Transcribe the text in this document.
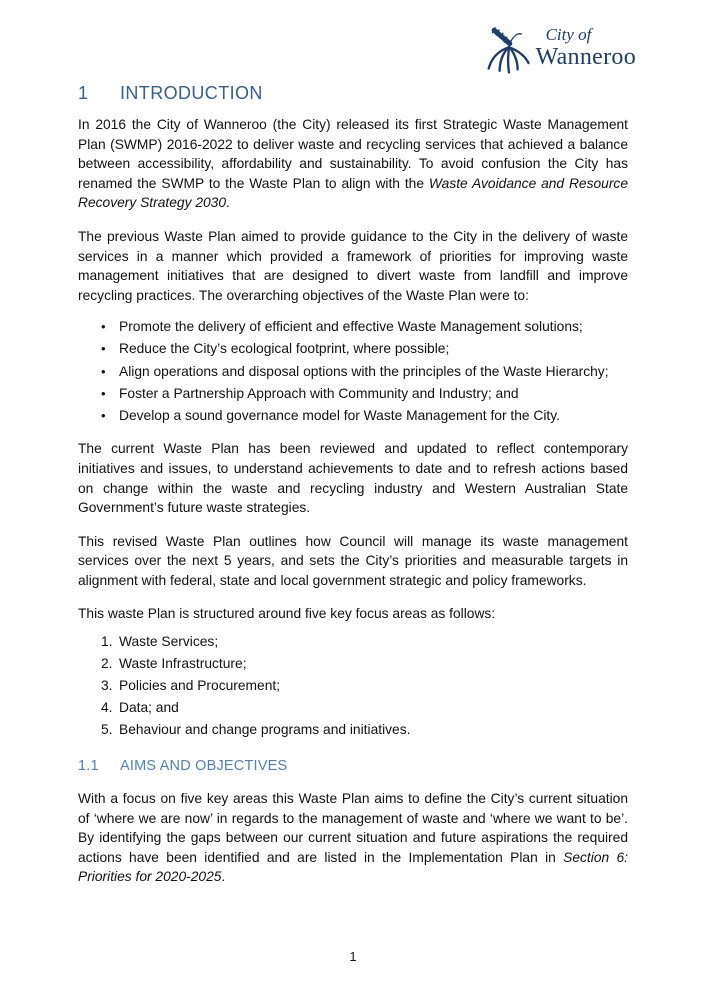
City of
Wanneroo
1 INTRODUCTION

In 2016 the City of Wanneroo (the City) released its first Strategic Waste Management Plan (SWMP) 2016-2022 to deliver waste and recycling services that achieved a balance between accessibility, affordability and sustainability. To avoid confusion the City has renamed the SWMP to the Waste Plan to align with the Waste Avoidance and Resource Recovery Strategy 2030.

The previous Waste Plan aimed to provide guidance to the City in the delivery of waste services in a manner which provided a framework of priorities for improving waste management initiatives that are designed to divert waste from landfill and improve recycling practices. The overarching objectives of the Waste Plan were to:

• Promote the delivery of efficient and effective Waste Management solutions;
• Reduce the City’s ecological footprint, where possible;
• Align operations and disposal options with the principles of the Waste Hierarchy;
• Foster a Partnership Approach with Community and Industry; and
• Develop a sound governance model for Waste Management for the City.

The current Waste Plan has been reviewed and updated to reflect contemporary initiatives and issues, to understand achievements to date and to refresh actions based on change within the waste and recycling industry and Western Australian State Government’s future waste strategies.

This revised Waste Plan outlines how Council will manage its waste management services over the next 5 years, and sets the City’s priorities and measurable targets in alignment with federal, state and local government strategic and policy frameworks.

This waste Plan is structured around five key focus areas as follows:

1. Waste Services;
2. Waste Infrastructure;
3. Policies and Procurement;
4. Data; and
5. Behaviour and change programs and initiatives.
1.1 AIMS AND OBJECTIVES

With a focus on five key areas this Waste Plan aims to define the City’s current situation of ‘where we are now’ in regards to the management of waste and ‘where we want to be’. By identifying the gaps between our current situation and future aspirations the required actions have been identified and are listed in the Implementation Plan in Section 6: Priorities for 2020-2025.

1
